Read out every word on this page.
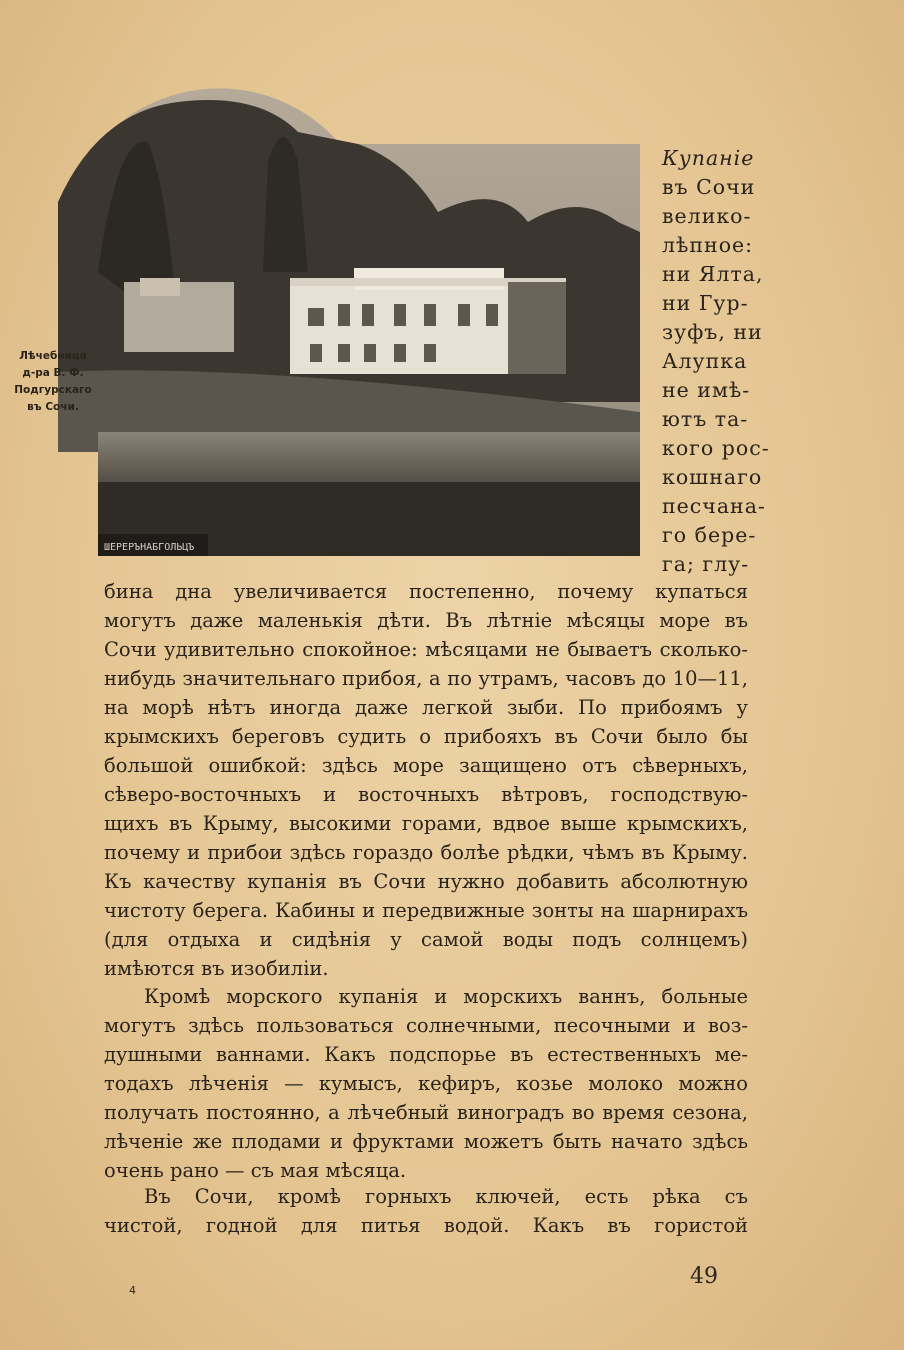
ШЕРЕРЪНАБГОЛЬЦЪ
Лѣчебница
д-ра В. Ф.
Подгурскаго
въ Сочи.
Купанiе
въ Сочи
велико-
лѣпное:
ни Ялта,
ни Гур-
зуфъ, ни
Алупка
не имѣ-
ютъ та-
кого рос-
кошнаго
песчана-
го бере-
га; глу-
бина дна увеличивается постепенно, почему купаться
могутъ даже маленькія дѣти. Въ лѣтніе мѣсяцы море въ
Сочи удивительно спокойное: мѣсяцами не бываетъ сколько-
нибудь значительнаго прибоя, а по утрамъ, часовъ до 10—11,
на морѣ нѣтъ иногда даже легкой зыби. По прибоямъ у
крымскихъ береговъ судить о прибояхъ въ Сочи было бы
большой ошибкой: здѣсь море защищено отъ сѣверныхъ,
сѣверо-восточныхъ и восточныхъ вѣтровъ, господствую-
щихъ въ Крыму, высокими горами, вдвое выше крымскихъ,
почему и прибои здѣсь гораздо болѣе рѣдки, чѣмъ въ Крыму.
Къ качеству купанія въ Сочи нужно добавить абсолютную
чистоту берега. Кабины и передвижные зонты на шарнирахъ
(для отдыха и сидѣнія у самой воды подъ солнцемъ)
имѣются въ изобиліи.
Кромѣ морского купанія и морскихъ ваннъ, больные
могутъ здѣсь пользоваться солнечными, песочными и воз-
душными ваннами. Какъ подспорье въ естественныхъ ме-
тодахъ лѣченія — кумысъ, кефиръ, козье молоко можно
получать постоянно, а лѣчебный виноградъ во время сезона,
лѣченіе же плодами и фруктами можетъ быть начато здѣсь
очень рано — съ мая мѣсяца.
Въ Сочи, кромѣ горныхъ ключей, есть рѣка съ
чистой, годной для питья водой. Какъ въ гористой
4
49
